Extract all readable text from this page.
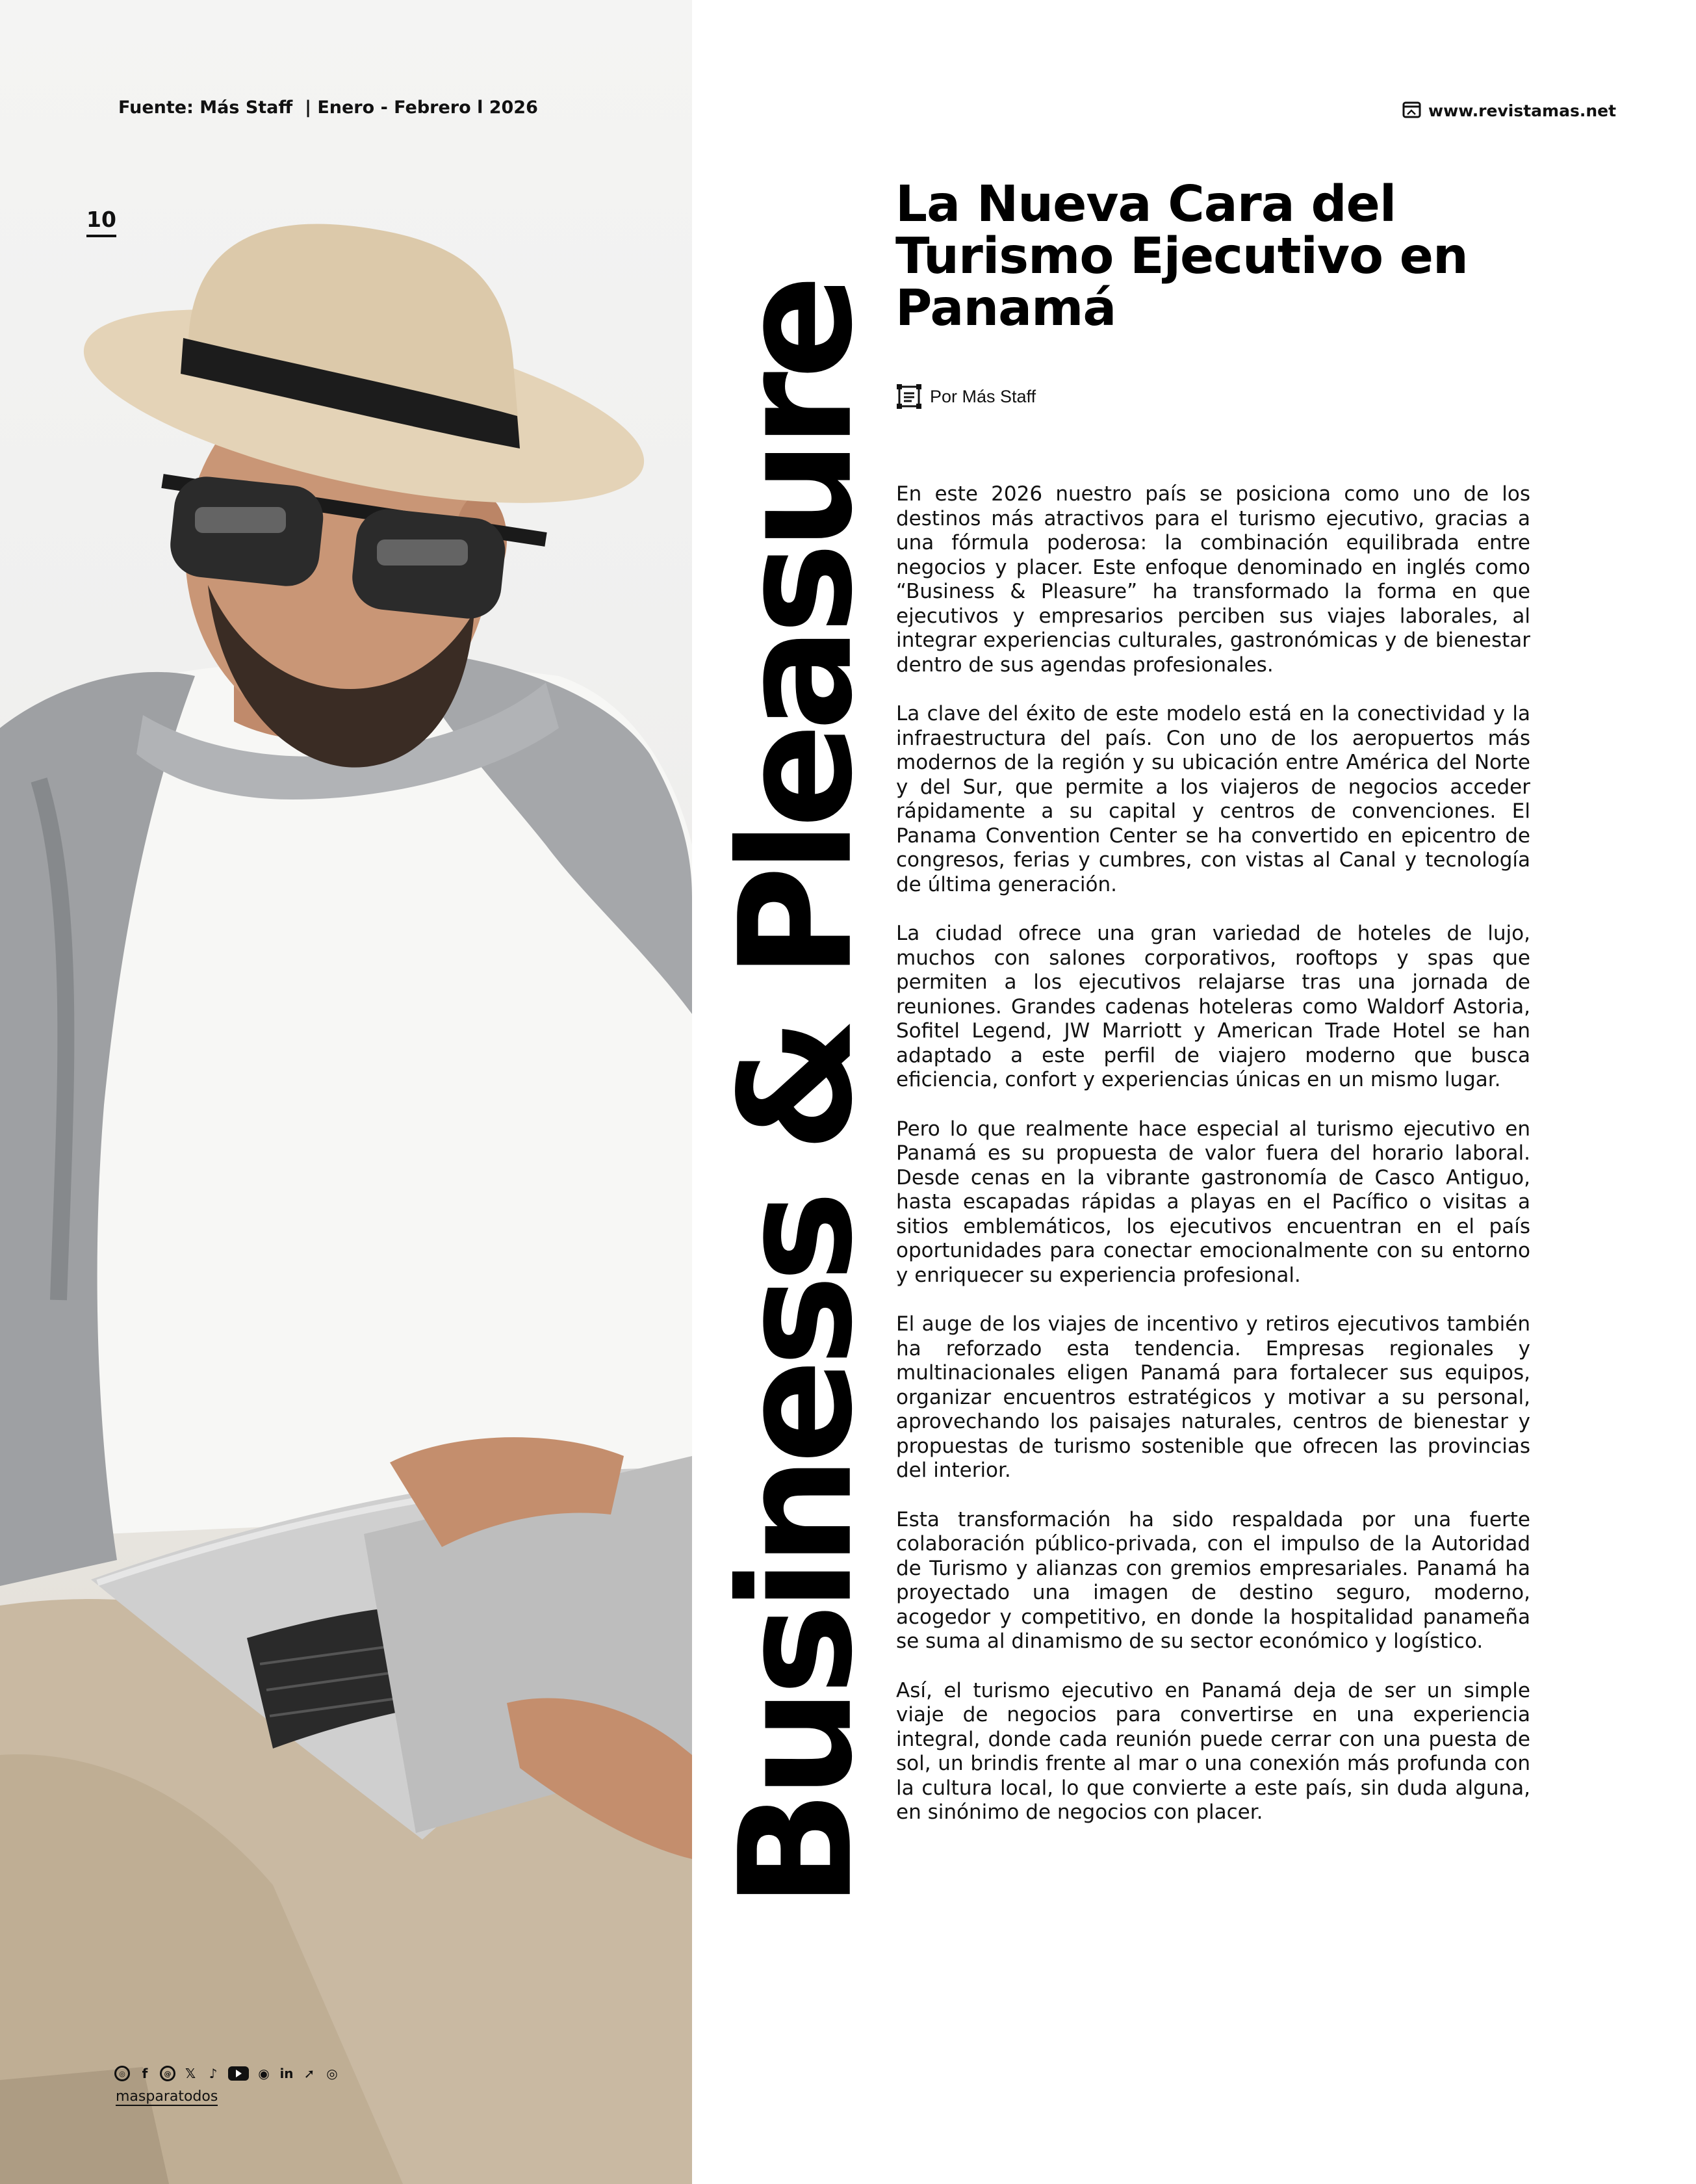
Fuente: Más Staff  | Enero - Febrero l 2026

10
◎	f	@	𝕏 ♪	◉ in ➚ ◎
masparatodos
www.revistamas.net
Business & Pleasure
La Nueva Cara del Turismo Ejecutivo en Panamá
Por Más Staff

En este 2026 nuestro país se posiciona como uno de los destinos más atractivos para el turismo ejecutivo, gracias a una fórmula poderosa: la combinación equilibrada entre negocios y placer. Este enfoque denominado en inglés como “Business & Pleasure” ha transformado la forma en que ejecutivos y empresarios perciben sus viajes laborales, al integrar experiencias culturales, gastronómicas y de bienestar dentro de sus agendas profesionales.

La clave del éxito de este modelo está en la conectividad y la infraestructura del país. Con uno de los aeropuertos más modernos de la región y su ubicación entre América del Norte y del Sur, que permite a los viajeros de negocios acceder rápidamente a su capital y centros de convenciones. El Panama Convention Center se ha convertido en epicentro de congresos, ferias y cumbres, con vistas al Canal y tecnología de última generación.

La ciudad ofrece una gran variedad de hoteles de lujo, muchos con salones corporativos, rooftops y spas que permiten a los ejecutivos relajarse tras una jornada de reuniones. Grandes cadenas hoteleras como Waldorf Astoria, Sofitel Legend, JW Marriott y American Trade Hotel se han adaptado a este perfil de viajero moderno que busca eficiencia, confort y experiencias únicas en un mismo lugar.

Pero lo que realmente hace especial al turismo ejecutivo en Panamá es su propuesta de valor fuera del horario laboral. Desde cenas en la vibrante gastronomía de Casco Antiguo, hasta escapadas rápidas a playas en el Pacífico o visitas a sitios emblemáticos, los ejecutivos encuentran en el país oportunidades para conectar emocionalmente con su entorno y enriquecer su experiencia profesional.

El auge de los viajes de incentivo y retiros ejecutivos también ha reforzado esta tendencia. Empresas regionales y multinacionales eligen Panamá para fortalecer sus equipos, organizar encuentros estratégicos y motivar a su personal, aprovechando los paisajes naturales, centros de bienestar y propuestas de turismo sostenible que ofrecen las provincias del interior.

Esta transformación ha sido respaldada por una fuerte colaboración público-privada, con el impulso de la Autoridad de Turismo y alianzas con gremios empresariales. Panamá ha proyectado una imagen de destino seguro, moderno, acogedor y competitivo, en donde la hospitalidad panameña se suma al dinamismo de su sector económico y logístico.

Así, el turismo ejecutivo en Panamá deja de ser un simple viaje de negocios para convertirse en una experiencia integral, donde cada reunión puede cerrar con una puesta de sol, un brindis frente al mar o una conexión más profunda con la cultura local, lo que convierte a este país, sin duda alguna, en sinónimo de negocios con placer.
